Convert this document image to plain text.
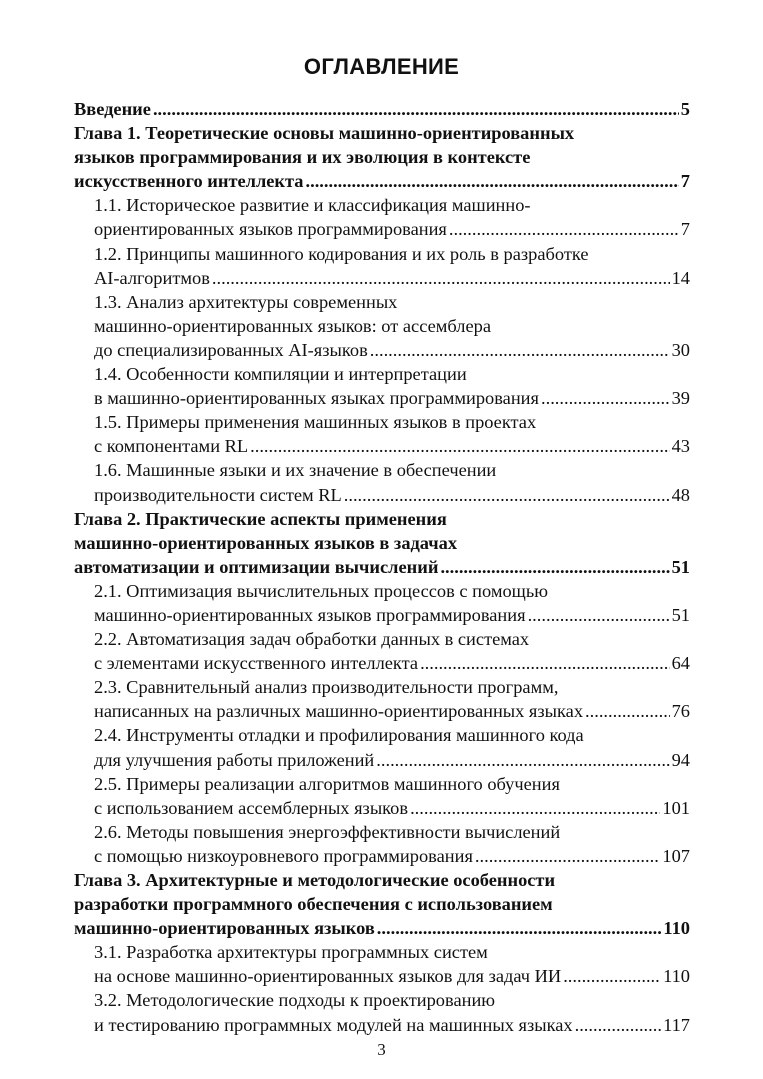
ОГЛАВЛЕНИЕ
Введение .....	5
Глава 1. Теоретические основы машинно-ориентированных
языков программирования и их эволюция в контексте
искусственного интеллекта .....	7
1.1. Историческое развитие и классификация машинно-
ориентированных языков программирования .....	7
1.2. Принципы машинного кодирования и их роль в разработке
AI-алгоритмов .....	14
1.3. Анализ архитектуры современных
машинно-ориентированных языков: от ассемблера
до специализированных AI-языков .....	30
1.4. Особенности компиляции и интерпретации
в машинно-ориентированных языках программирования .....	39
1.5. Примеры применения машинных языков в проектах
с компонентами RL .....	43
1.6. Машинные языки и их значение в обеспечении
производительности систем RL .....	48
Глава 2. Практические аспекты применения
машинно-ориентированных языков в задачах
автоматизации и оптимизации вычислений .....	51
2.1. Оптимизация вычислительных процессов с помощью
машинно-ориентированных языков программирования .....	51
2.2. Автоматизация задач обработки данных в системах
с элементами искусственного интеллекта .....	64
2.3. Сравнительный анализ производительности программ,
написанных на различных машинно-ориентированных языках .....	76
2.4. Инструменты отладки и профилирования машинного кода
для улучшения работы приложений .....	94
2.5. Примеры реализации алгоритмов машинного обучения
с использованием ассемблерных языков .....	101
2.6. Методы повышения энергоэффективности вычислений
с помощью низкоуровневого программирования .....	107
Глава 3. Архитектурные и методологические особенности
разработки программного обеспечения с использованием
машинно-ориентированных языков .....	110
3.1. Разработка архитектуры программных систем
на основе машинно-ориентированных языков для задач ИИ .....	110
3.2. Методологические подходы к проектированию
и тестированию программных модулей на машинных языках .....	117
3
